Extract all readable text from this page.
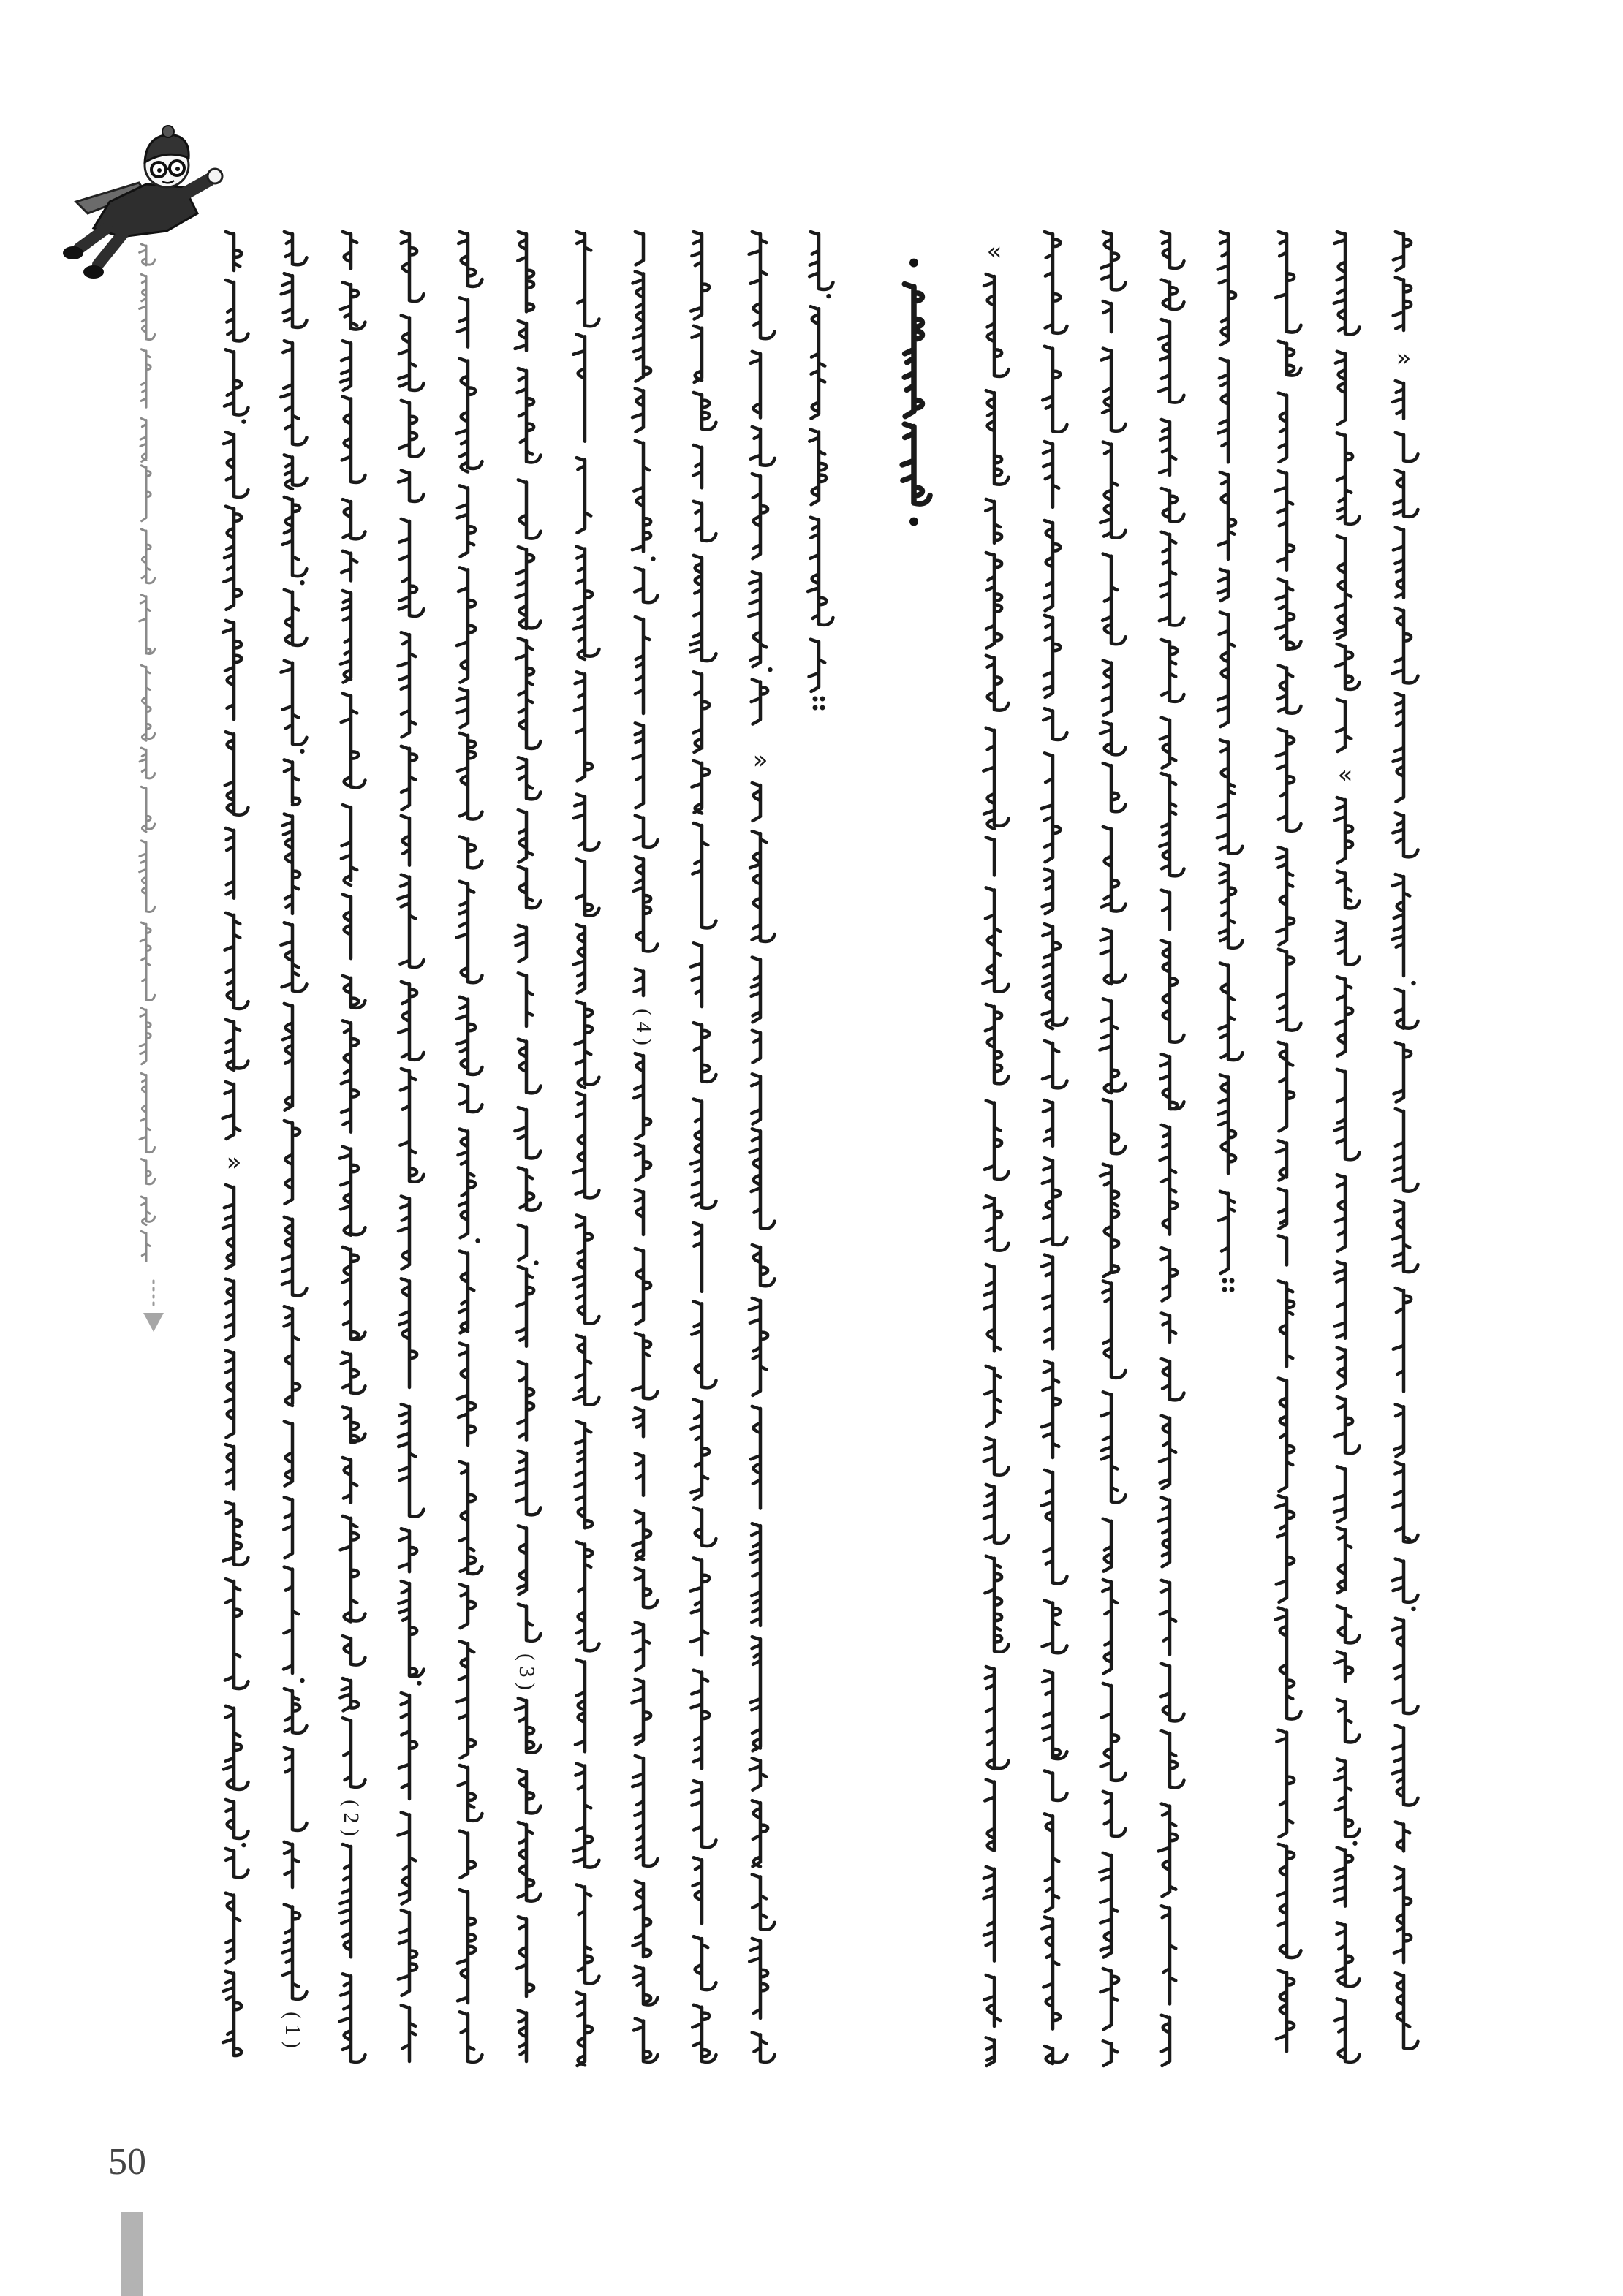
( 4 )
( 3 )
( 2 )
( 1 )
»
«
«
»
»
•
•
50
